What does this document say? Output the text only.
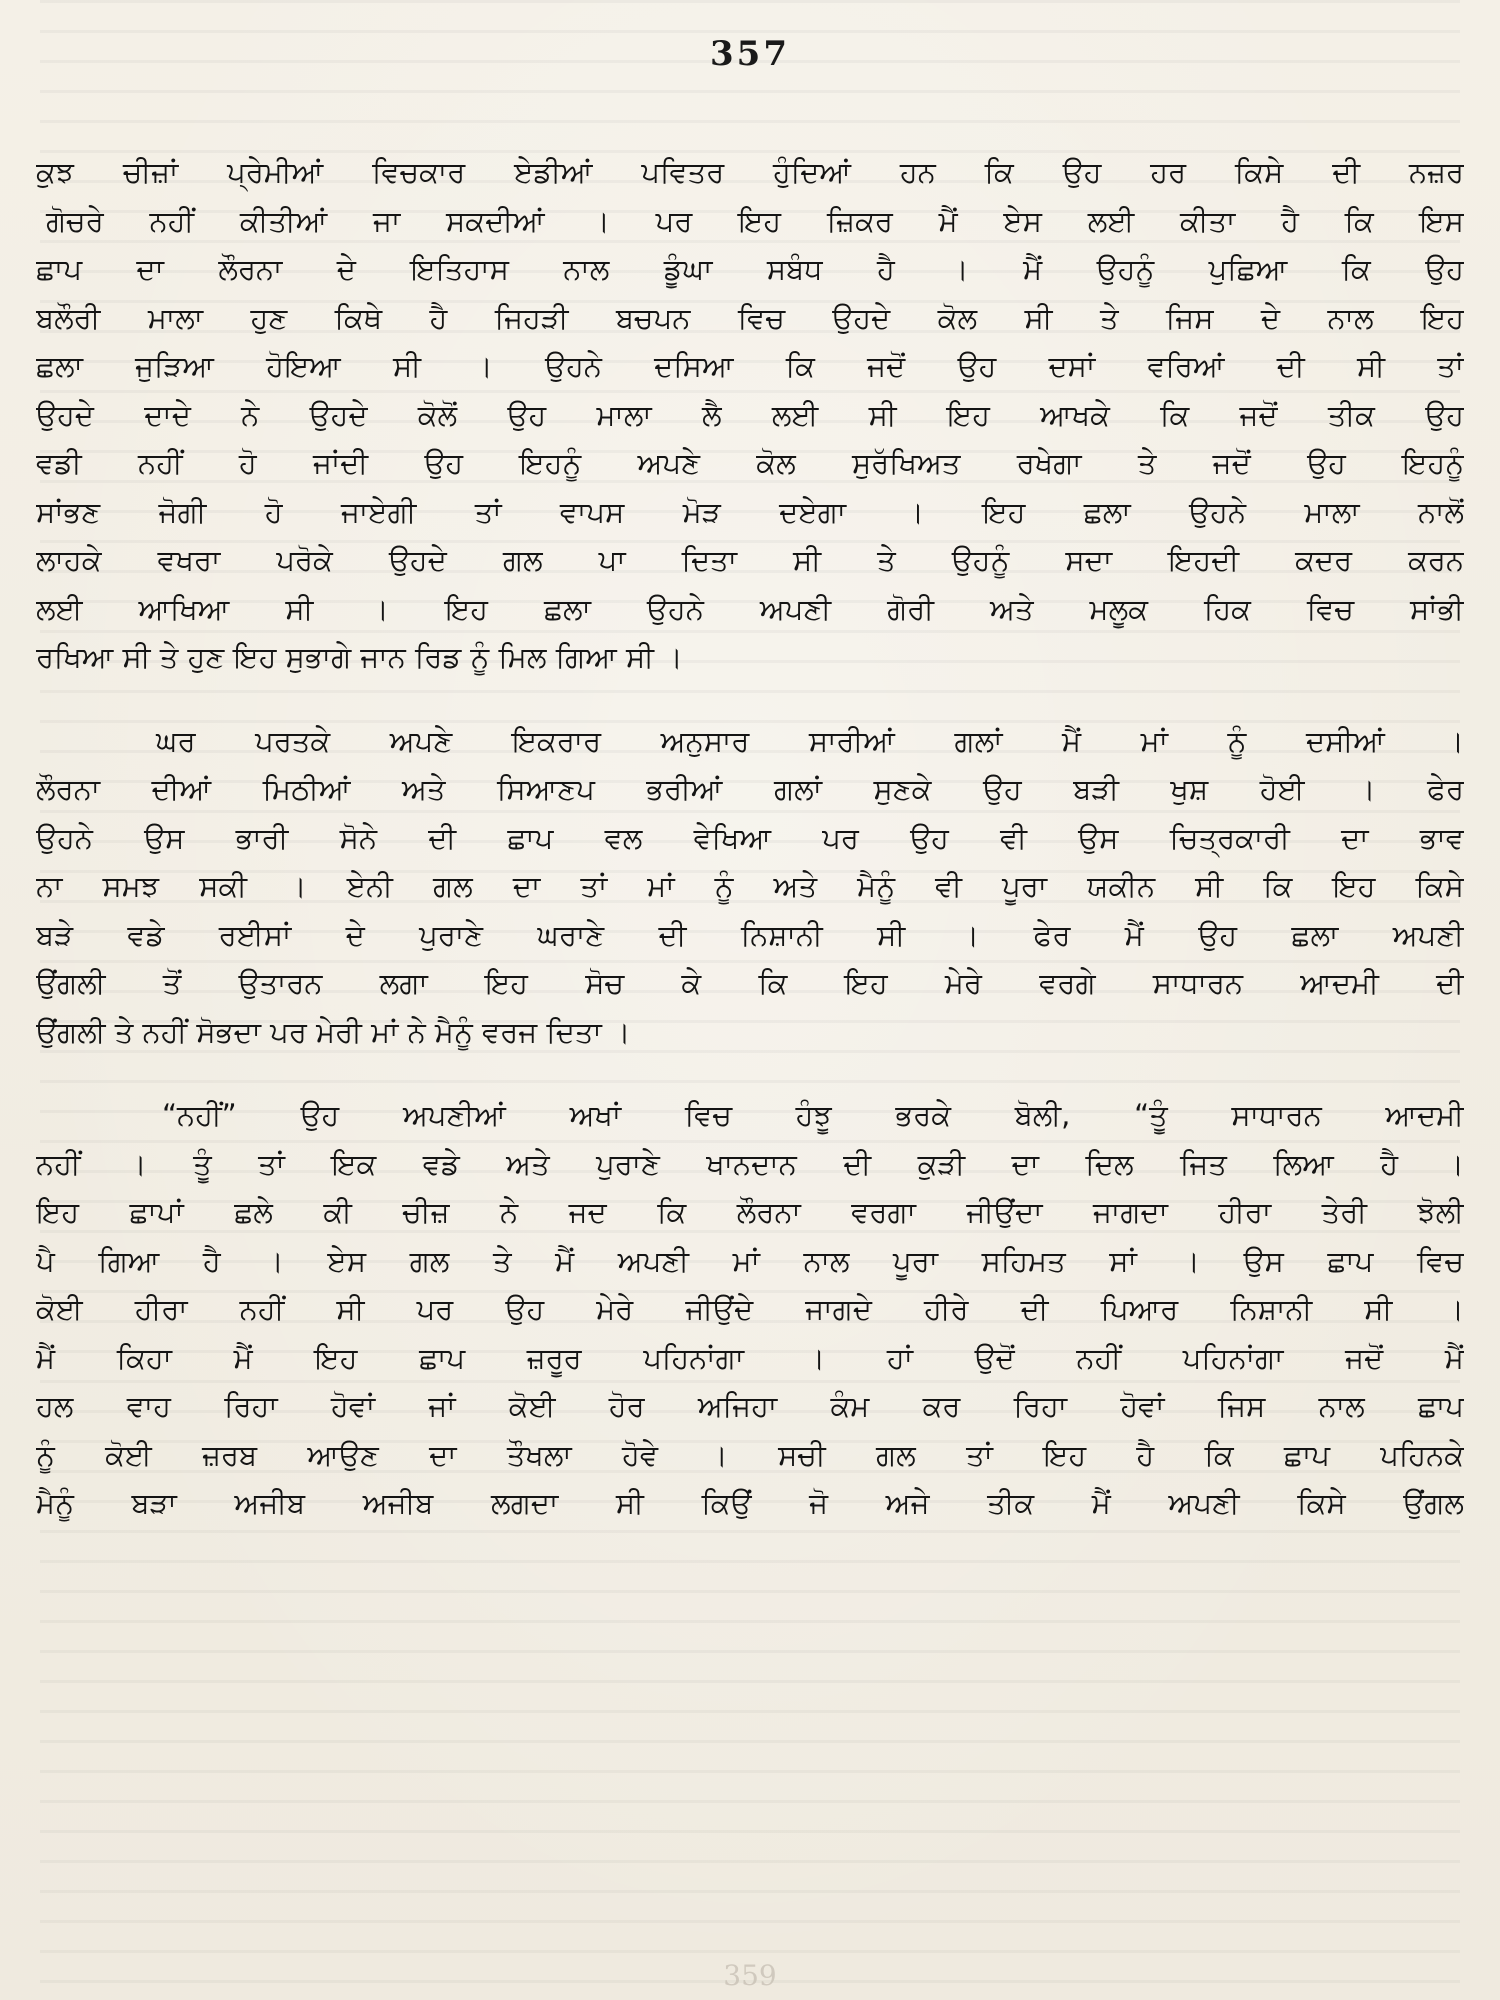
357
ਕੁਝ ਚੀਜ਼ਾਂ ਪ੍ਰੇਮੀਆਂ ਵਿਚਕਾਰ ਏਡੀਆਂ ਪਵਿਤਰ ਹੁੰਦਿਆਂ ਹਨ ਕਿ ਉਹ ਹਰ ਕਿਸੇ ਦੀ ਨਜ਼ਰ
ਗੋਚਰੇ ਨਹੀਂ ਕੀਤੀਆਂ ਜਾ ਸਕਦੀਆਂ । ਪਰ ਇਹ ਜ਼ਿਕਰ ਮੈਂ ਏਸ ਲਈ ਕੀਤਾ ਹੈ ਕਿ ਇਸ
ਛਾਪ ਦਾ ਲੌਰਨਾ ਦੇ ਇਤਿਹਾਸ ਨਾਲ ਡੂੰਘਾ ਸਬੰਧ ਹੈ । ਮੈਂ ਉਹਨੂੰ ਪੁਛਿਆ ਕਿ ਉਹ
ਬਲੌਰੀ ਮਾਲਾ ਹੁਣ ਕਿਥੇ ਹੈ ਜਿਹੜੀ ਬਚਪਨ ਵਿਚ ਉਹਦੇ ਕੋਲ ਸੀ ਤੇ ਜਿਸ ਦੇ ਨਾਲ ਇਹ
ਛਲਾ ਜੁੜਿਆ ਹੋਇਆ ਸੀ । ਉਹਨੇ ਦਸਿਆ ਕਿ ਜਦੋਂ ਉਹ ਦਸਾਂ ਵਰਿਆਂ ਦੀ ਸੀ ਤਾਂ
ਉਹਦੇ ਦਾਦੇ ਨੇ ਉਹਦੇ ਕੋਲੋਂ ਉਹ ਮਾਲਾ ਲੈ ਲਈ ਸੀ ਇਹ ਆਖਕੇ ਕਿ ਜਦੋਂ ਤੀਕ ਉਹ
ਵਡੀ ਨਹੀਂ ਹੋ ਜਾਂਦੀ ਉਹ ਇਹਨੂੰ ਅਪਣੇ ਕੋਲ ਸੁਰੱਖਿਅਤ ਰਖੇਗਾ ਤੇ ਜਦੋਂ ਉਹ ਇਹਨੂੰ
ਸਾਂਭਣ ਜੋਗੀ ਹੋ ਜਾਏਗੀ ਤਾਂ ਵਾਪਸ ਮੋੜ ਦਏਗਾ । ਇਹ ਛਲਾ ਉਹਨੇ ਮਾਲਾ ਨਾਲੋਂ
ਲਾਹਕੇ ਵਖਰਾ ਪਰੋਕੇ ਉਹਦੇ ਗਲ ਪਾ ਦਿਤਾ ਸੀ ਤੇ ਉਹਨੂੰ ਸਦਾ ਇਹਦੀ ਕਦਰ ਕਰਨ
ਲਈ ਆਖਿਆ ਸੀ । ਇਹ ਛਲਾ ਉਹਨੇ ਅਪਣੀ ਗੋਰੀ ਅਤੇ ਮਲੂਕ ਹਿਕ ਵਿਚ ਸਾਂਭੀ
ਰਖਿਆ ਸੀ ਤੇ ਹੁਣ ਇਹ ਸੁਭਾਗੇ ਜਾਨ ਰਿਡ ਨੂੰ ਮਿਲ ਗਿਆ ਸੀ ।
ਘਰ ਪਰਤਕੇ ਅਪਣੇ ਇਕਰਾਰ ਅਨੁਸਾਰ ਸਾਰੀਆਂ ਗਲਾਂ ਮੈਂ ਮਾਂ ਨੂੰ ਦਸੀਆਂ ।
ਲੌਰਨਾ ਦੀਆਂ ਮਿਠੀਆਂ ਅਤੇ ਸਿਆਣਪ ਭਰੀਆਂ ਗਲਾਂ ਸੁਣਕੇ ਉਹ ਬੜੀ ਖੁਸ਼ ਹੋਈ । ਫੇਰ
ਉਹਨੇ ਉਸ ਭਾਰੀ ਸੋਨੇ ਦੀ ਛਾਪ ਵਲ ਵੇਖਿਆ ਪਰ ਉਹ ਵੀ ਉਸ ਚਿਤ੍ਰਕਾਰੀ ਦਾ ਭਾਵ
ਨਾ ਸਮਝ ਸਕੀ । ਏਨੀ ਗਲ ਦਾ ਤਾਂ ਮਾਂ ਨੂੰ ਅਤੇ ਮੈਨੂੰ ਵੀ ਪੂਰਾ ਯਕੀਨ ਸੀ ਕਿ ਇਹ ਕਿਸੇ
ਬੜੇ ਵਡੇ ਰਈਸਾਂ ਦੇ ਪੁਰਾਣੇ ਘਰਾਣੇ ਦੀ ਨਿਸ਼ਾਨੀ ਸੀ । ਫੇਰ ਮੈਂ ਉਹ ਛਲਾ ਅਪਣੀ
ਉਂਗਲੀ ਤੋਂ ਉਤਾਰਨ ਲਗਾ ਇਹ ਸੋਚ ਕੇ ਕਿ ਇਹ ਮੇਰੇ ਵਰਗੇ ਸਾਧਾਰਨ ਆਦਮੀ ਦੀ
ਉਂਗਲੀ ਤੇ ਨਹੀਂ ਸੋਭਦਾ ਪਰ ਮੇਰੀ ਮਾਂ ਨੇ ਮੈਨੂੰ ਵਰਜ ਦਿਤਾ ।
“ਨਹੀਂ” ਉਹ ਅਪਣੀਆਂ ਅਖਾਂ ਵਿਚ ਹੰਝੂ ਭਰਕੇ ਬੋਲੀ, “ਤੂੰ ਸਾਧਾਰਨ ਆਦਮੀ
ਨਹੀਂ । ਤੂੰ ਤਾਂ ਇਕ ਵਡੇ ਅਤੇ ਪੁਰਾਣੇ ਖਾਨਦਾਨ ਦੀ ਕੁੜੀ ਦਾ ਦਿਲ ਜਿਤ ਲਿਆ ਹੈ ।
ਇਹ ਛਾਪਾਂ ਛਲੇ ਕੀ ਚੀਜ਼ ਨੇ ਜਦ ਕਿ ਲੌਰਨਾ ਵਰਗਾ ਜੀਉਂਦਾ ਜਾਗਦਾ ਹੀਰਾ ਤੇਰੀ ਝੋਲੀ
ਪੈ ਗਿਆ ਹੈ । ਏਸ ਗਲ ਤੇ ਮੈਂ ਅਪਣੀ ਮਾਂ ਨਾਲ ਪੂਰਾ ਸਹਿਮਤ ਸਾਂ । ਉਸ ਛਾਪ ਵਿਚ
ਕੋਈ ਹੀਰਾ ਨਹੀਂ ਸੀ ਪਰ ਉਹ ਮੇਰੇ ਜੀਉਂਦੇ ਜਾਗਦੇ ਹੀਰੇ ਦੀ ਪਿਆਰ ਨਿਸ਼ਾਨੀ ਸੀ ।
ਮੈਂ ਕਿਹਾ ਮੈਂ ਇਹ ਛਾਪ ਜ਼ਰੂਰ ਪਹਿਨਾਂਗਾ । ਹਾਂ ਉਦੋਂ ਨਹੀਂ ਪਹਿਨਾਂਗਾ ਜਦੋਂ ਮੈਂ
ਹਲ ਵਾਹ ਰਿਹਾ ਹੋਵਾਂ ਜਾਂ ਕੋਈ ਹੋਰ ਅਜਿਹਾ ਕੰਮ ਕਰ ਰਿਹਾ ਹੋਵਾਂ ਜਿਸ ਨਾਲ ਛਾਪ
ਨੂੰ ਕੋਈ ਜ਼ਰਬ ਆਉਣ ਦਾ ਤੌਖਲਾ ਹੋਵੇ । ਸਚੀ ਗਲ ਤਾਂ ਇਹ ਹੈ ਕਿ ਛਾਪ ਪਹਿਨਕੇ
ਮੈਨੂੰ ਬੜਾ ਅਜੀਬ ਅਜੀਬ ਲਗਦਾ ਸੀ ਕਿਉਂ ਜੋ ਅਜੇ ਤੀਕ ਮੈਂ ਅਪਣੀ ਕਿਸੇ ਉਂਗਲ
359
